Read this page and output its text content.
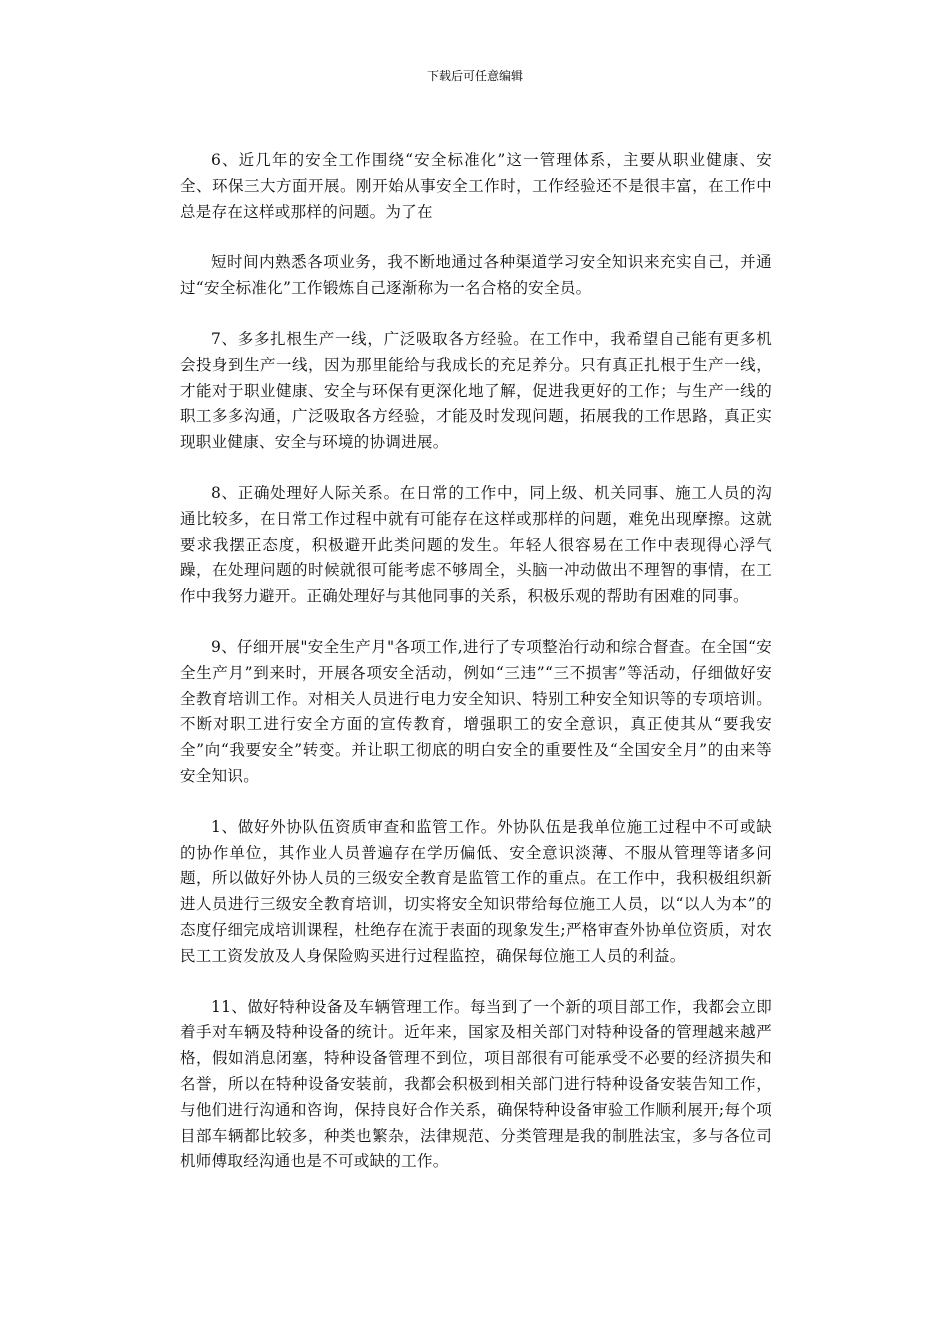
下载后可任意编辑

6、近几年的安全工作围绕“安全标准化”这一管理体系，主要从职业健康、安全、环保三大方面开展。刚开始从事安全工作时，工作经验还不是很丰富，在工作中总是存在这样或那样的问题。为了在

短时间内熟悉各项业务，我不断地通过各种渠道学习安全知识来充实自己，并通过“安全标准化”工作锻炼自己逐渐称为一名合格的安全员。

7、多多扎根生产一线，广泛吸取各方经验。在工作中，我希望自己能有更多机会投身到生产一线，因为那里能给与我成长的充足养分。只有真正扎根于生产一线，才能对于职业健康、安全与环保有更深化地了解，促进我更好的工作；与生产一线的职工多多沟通，广泛吸取各方经验，才能及时发现问题，拓展我的工作思路，真正实现职业健康、安全与环境的协调进展。

8、正确处理好人际关系。在日常的工作中，同上级、机关同事、施工人员的沟通比较多，在日常工作过程中就有可能存在这样或那样的问题，难免出现摩擦。这就要求我摆正态度，积极避开此类问题的发生。年轻人很容易在工作中表现得心浮气躁，在处理问题的时候就很可能考虑不够周全，头脑一冲动做出不理智的事情，在工作中我努力避开。正确处理好与其他同事的关系，积极乐观的帮助有困难的同事。

9、仔细开展"安全生产月"各项工作,进行了专项整治行动和综合督查。在全国“安全生产月”到来时，开展各项安全活动，例如“三违”“三不损害”等活动，仔细做好安全教育培训工作。对相关人员进行电力安全知识、特别工种安全知识等的专项培训。不断对职工进行安全方面的宣传教育，增强职工的安全意识，真正使其从“要我安全”向“我要安全”转变。并让职工彻底的明白安全的重要性及“全国安全月”的由来等安全知识。

1、做好外协队伍资质审查和监管工作。外协队伍是我单位施工过程中不可或缺的协作单位，其作业人员普遍存在学历偏低、安全意识淡薄、不服从管理等诸多问题，所以做好外协人员的三级安全教育是监管工作的重点。在工作中，我积极组织新进人员进行三级安全教育培训，切实将安全知识带给每位施工人员，以“以人为本”的态度仔细完成培训课程，杜绝存在流于表面的现象发生;严格审查外协单位资质，对农民工工资发放及人身保险购买进行过程监控，确保每位施工人员的利益。

11、做好特种设备及车辆管理工作。每当到了一个新的项目部工作，我都会立即着手对车辆及特种设备的统计。近年来，国家及相关部门对特种设备的管理越来越严格，假如消息闭塞，特种设备管理不到位，项目部很有可能承受不必要的经济损失和名誉，所以在特种设备安装前，我都会积极到相关部门进行特种设备安装告知工作，与他们进行沟通和咨询，保持良好合作关系，确保特种设备审验工作顺利展开;每个项目部车辆都比较多，种类也繁杂，法律规范、分类管理是我的制胜法宝，多与各位司机师傅取经沟通也是不可或缺的工作。
